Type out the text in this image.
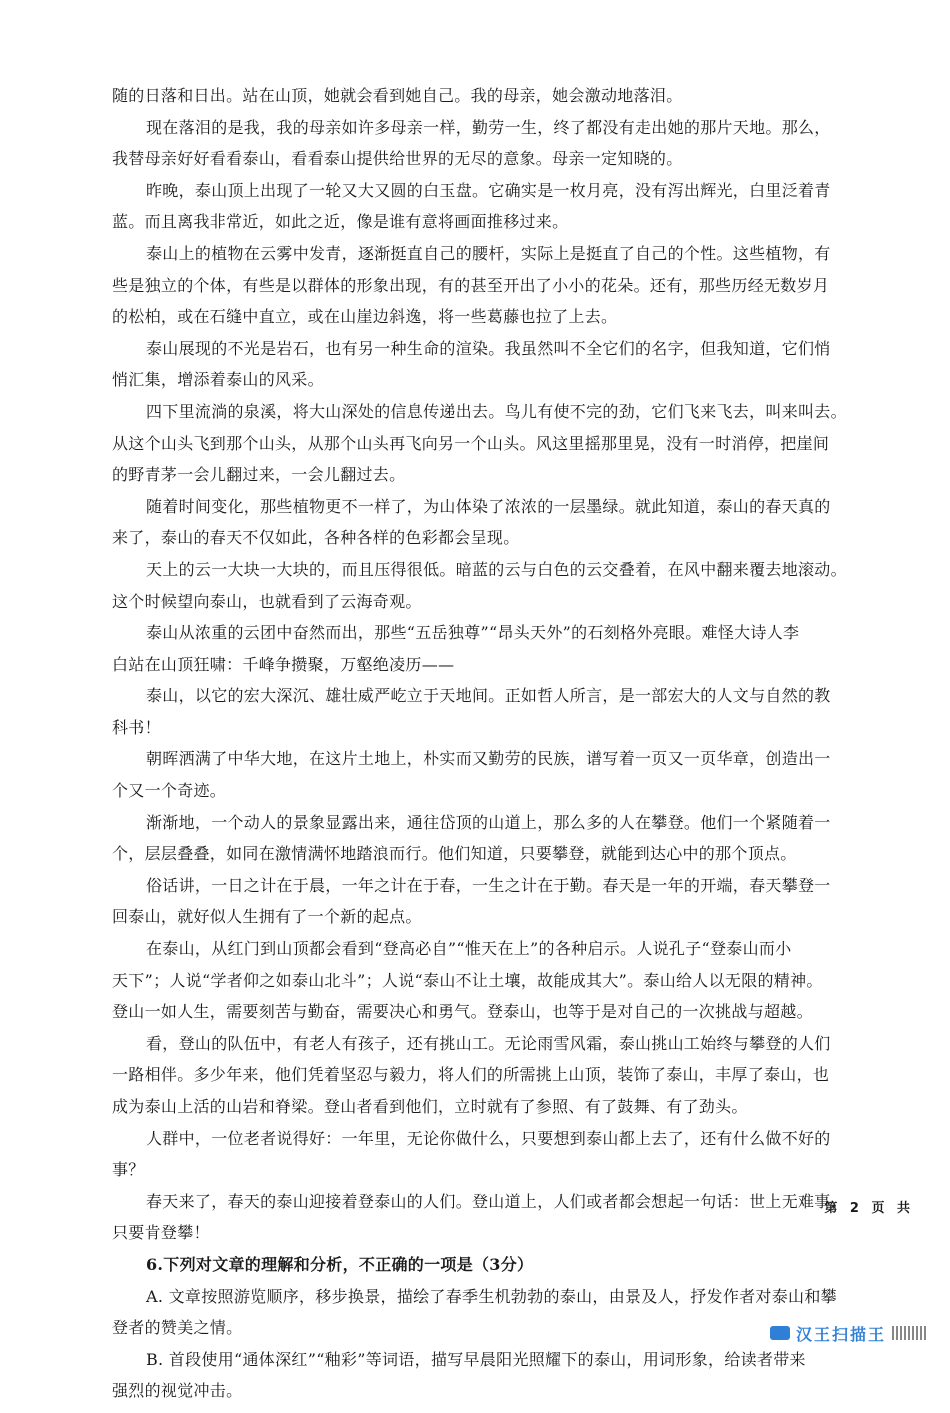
随的日落和日出。站在山顶，她就会看到她自己。我的母亲，她会激动地落泪。
现在落泪的是我，我的母亲如许多母亲一样，勤劳一生，终了都没有走出她的那片天地。那么，
我替母亲好好看看泰山，看看泰山提供给世界的无尽的意象。母亲一定知晓的。
昨晚，泰山顶上出现了一轮又大又圆的白玉盘。它确实是一枚月亮，没有泻出辉光，白里泛着青
蓝。而且离我非常近，如此之近，像是谁有意将画面推移过来。
泰山上的植物在云雾中发青，逐渐挺直自己的腰杆，实际上是挺直了自己的个性。这些植物，有
些是独立的个体，有些是以群体的形象出现，有的甚至开出了小小的花朵。还有，那些历经无数岁月
的松柏，或在石缝中直立，或在山崖边斜逸，将一些葛藤也拉了上去。
泰山展现的不光是岩石，也有另一种生命的渲染。我虽然叫不全它们的名字，但我知道，它们悄
悄汇集，增添着泰山的风采。
四下里流淌的泉溪，将大山深处的信息传递出去。鸟儿有使不完的劲，它们飞来飞去，叫来叫去。
从这个山头飞到那个山头，从那个山头再飞向另一个山头。风这里摇那里晃，没有一时消停，把崖间
的野青茅一会儿翻过来，一会儿翻过去。
随着时间变化，那些植物更不一样了，为山体染了浓浓的一层墨绿。就此知道，泰山的春天真的
来了，泰山的春天不仅如此，各种各样的色彩都会呈现。
天上的云一大块一大块的，而且压得很低。暗蓝的云与白色的云交叠着，在风中翻来覆去地滚动。
这个时候望向泰山，也就看到了云海奇观。
泰山从浓重的云团中奋然而出，那些“五岳独尊”“昂头天外”的石刻格外亮眼。难怪大诗人李
白站在山顶狂啸：千峰争攒聚，万壑绝凌历——
泰山，以它的宏大深沉、雄壮威严屹立于天地间。正如哲人所言，是一部宏大的人文与自然的教
科书！
朝晖洒满了中华大地，在这片土地上，朴实而又勤劳的民族，谱写着一页又一页华章，创造出一
个又一个奇迹。
渐渐地，一个动人的景象显露出来，通往岱顶的山道上，那么多的人在攀登。他们一个紧随着一
个，层层叠叠，如同在激情满怀地踏浪而行。他们知道，只要攀登，就能到达心中的那个顶点。
俗话讲，一日之计在于晨，一年之计在于春，一生之计在于勤。春天是一年的开端，春天攀登一
回泰山，就好似人生拥有了一个新的起点。
在泰山，从红门到山顶都会看到“登高必自”“惟天在上”的各种启示。人说孔子“登泰山而小
天下”；人说“学者仰之如泰山北斗”；人说“泰山不让土壤，故能成其大”。泰山给人以无限的精神。
登山一如人生，需要刻苦与勤奋，需要决心和勇气。登泰山，也等于是对自己的一次挑战与超越。
看，登山的队伍中，有老人有孩子，还有挑山工。无论雨雪风霜，泰山挑山工始终与攀登的人们
一路相伴。多少年来，他们凭着坚忍与毅力，将人们的所需挑上山顶，装饰了泰山，丰厚了泰山，也
成为泰山上活的山岩和脊梁。登山者看到他们，立时就有了参照、有了鼓舞、有了劲头。
人群中，一位老者说得好：一年里，无论你做什么，只要想到泰山都上去了，还有什么做不好的
事？
春天来了，春天的泰山迎接着登泰山的人们。登山道上，人们或者都会想起一句话：世上无难事，
只要肯登攀！
6.下列对文章的理解和分析，不正确的一项是（3分）
A. 文章按照游览顺序，移步换景，描绘了春季生机勃勃的泰山，由景及人，抒发作者对泰山和攀
登者的赞美之情。
B. 首段使用“通体深红”“釉彩”等词语，描写早晨阳光照耀下的泰山，用词形象，给读者带来
强烈的视觉冲击。
第 2 页 共
汉王扫描王
